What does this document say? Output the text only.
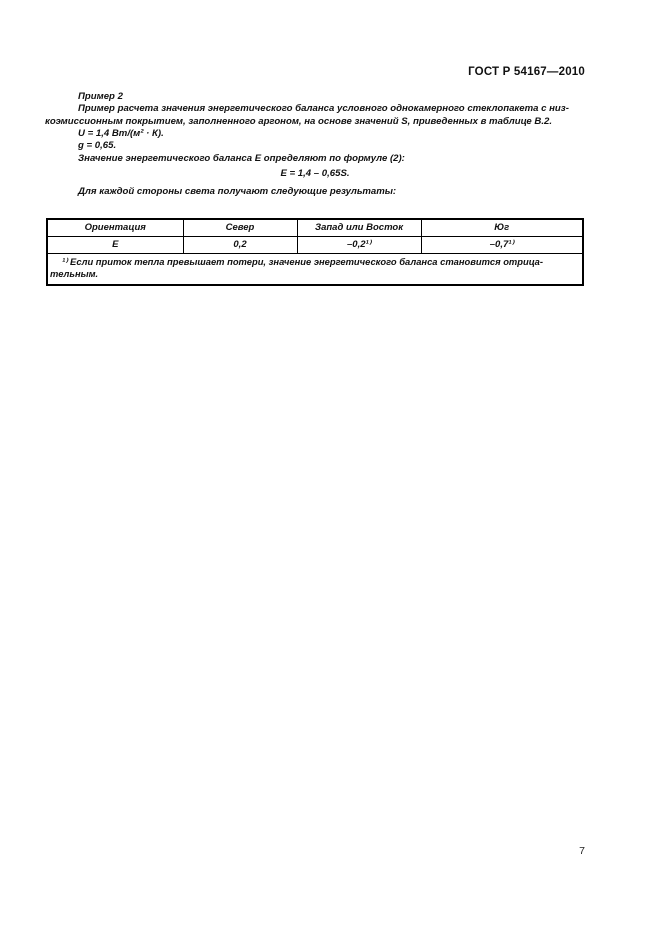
ГОСТ Р 54167—2010
Пример 2
Пример расчета значения энергетического баланса условного однокамерного стеклопакета с низ-
коэмиссионным покрытием, заполненного аргоном, на основе значений S, приведенных в таблице В.2.
U = 1,4 Вт/(м² · К).
g = 0,65.
Значение энергетического баланса Е определяют по формуле (2):
Е = 1,4 – 0,65S.
Для каждой стороны света получают следующие результаты:
Ориентация	Север	Запад или Восток	Юг
Е	0,2	–0,2¹⁾	–0,7¹⁾

¹⁾ Если приток тепла превышает потери, значение энергетического баланса становится отрица-
тельным.			
7
